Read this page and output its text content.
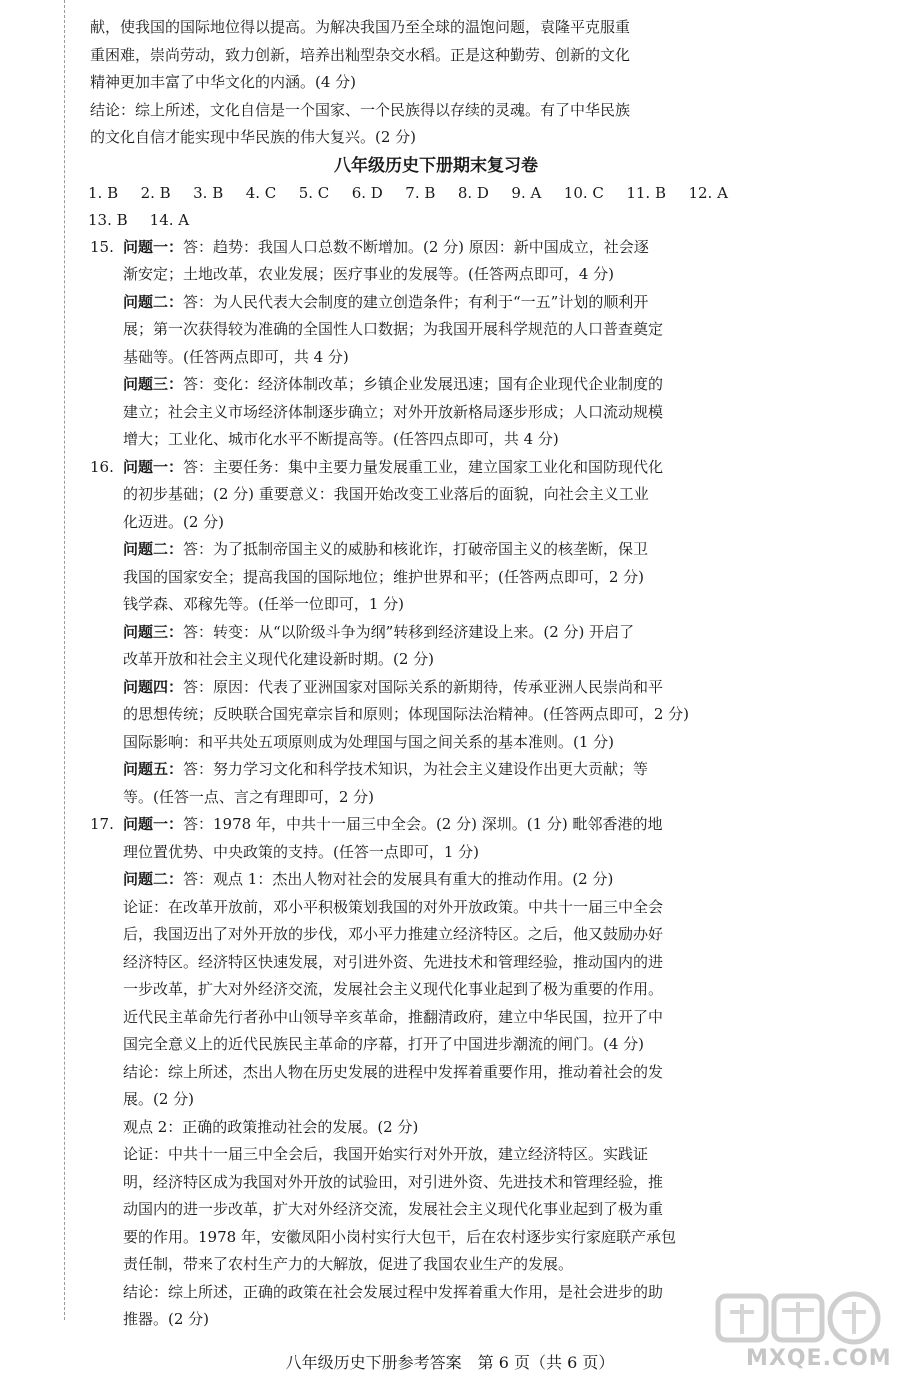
献，使我国的国际地位得以提高。为解决我国乃至全球的温饱问题，袁隆平克服重
重困难，崇尚劳动，致力创新，培养出籼型杂交水稻。正是这种勤劳、创新的文化
精神更加丰富了中华文化的内涵。(4 分)
结论：综上所述，文化自信是一个国家、一个民族得以存续的灵魂。有了中华民族
的文化自信才能实现中华民族的伟大复兴。(2 分)
八年级历史下册期末复习卷
1. B 2. B 3. B 4. C 5. C 6. D 7. B 8. D 9. A 10. C 11. B 12. A
13. B 14. A
15. 问题一：答：趋势：我国人口总数不断增加。(2 分) 原因：新中国成立，社会逐
渐安定；土地改革，农业发展；医疗事业的发展等。(任答两点即可，4 分)
问题二：答：为人民代表大会制度的建立创造条件；有利于“一五”计划的顺利开
展；第一次获得较为准确的全国性人口数据；为我国开展科学规范的人口普查奠定
基础等。(任答两点即可，共 4 分)
问题三：答：变化：经济体制改革；乡镇企业发展迅速；国有企业现代企业制度的
建立；社会主义市场经济体制逐步确立；对外开放新格局逐步形成；人口流动规模
增大；工业化、城市化水平不断提高等。(任答四点即可，共 4 分)
16. 问题一：答：主要任务：集中主要力量发展重工业，建立国家工业化和国防现代化
的初步基础；(2 分) 重要意义：我国开始改变工业落后的面貌，向社会主义工业
化迈进。(2 分)
问题二：答：为了抵制帝国主义的威胁和核讹诈，打破帝国主义的核垄断，保卫
我国的国家安全；提高我国的国际地位；维护世界和平；(任答两点即可，2 分)
钱学森、邓稼先等。(任举一位即可，1 分)
问题三：答：转变：从“以阶级斗争为纲”转移到经济建设上来。(2 分) 开启了
改革开放和社会主义现代化建设新时期。(2 分)
问题四：答：原因：代表了亚洲国家对国际关系的新期待，传承亚洲人民崇尚和平
的思想传统；反映联合国宪章宗旨和原则；体现国际法治精神。(任答两点即可，2 分)
国际影响：和平共处五项原则成为处理国与国之间关系的基本准则。(1 分)
问题五：答：努力学习文化和科学技术知识，为社会主义建设作出更大贡献；等
等。(任答一点、言之有理即可，2 分)
17. 问题一：答：1978 年，中共十一届三中全会。(2 分) 深圳。(1 分) 毗邻香港的地
理位置优势、中央政策的支持。(任答一点即可，1 分)
问题二：答：观点 1：杰出人物对社会的发展具有重大的推动作用。(2 分)
论证：在改革开放前，邓小平积极策划我国的对外开放政策。中共十一届三中全会
后，我国迈出了对外开放的步伐，邓小平力推建立经济特区。之后，他又鼓励办好
经济特区。经济特区快速发展，对引进外资、先进技术和管理经验，推动国内的进
一步改革，扩大对外经济交流，发展社会主义现代化事业起到了极为重要的作用。
近代民主革命先行者孙中山领导辛亥革命，推翻清政府，建立中华民国，拉开了中
国完全意义上的近代民族民主革命的序幕，打开了中国进步潮流的闸门。(4 分)
结论：综上所述，杰出人物在历史发展的进程中发挥着重要作用，推动着社会的发
展。(2 分)
观点 2：正确的政策推动社会的发展。(2 分)
论证：中共十一届三中全会后，我国开始实行对外开放，建立经济特区。实践证
明，经济特区成为我国对外开放的试验田，对引进外资、先进技术和管理经验，推
动国内的进一步改革，扩大对外经济交流，发展社会主义现代化事业起到了极为重
要的作用。1978 年，安徽凤阳小岗村实行大包干，后在农村逐步实行家庭联产承包
责任制，带来了农村生产力的大解放，促进了我国农业生产的发展。
结论：综上所述，正确的政策在社会发展过程中发挥着重大作用，是社会进步的助
推器。(2 分)
八年级历史下册参考答案　第 6 页（共 6 页）	MXQE.COM
